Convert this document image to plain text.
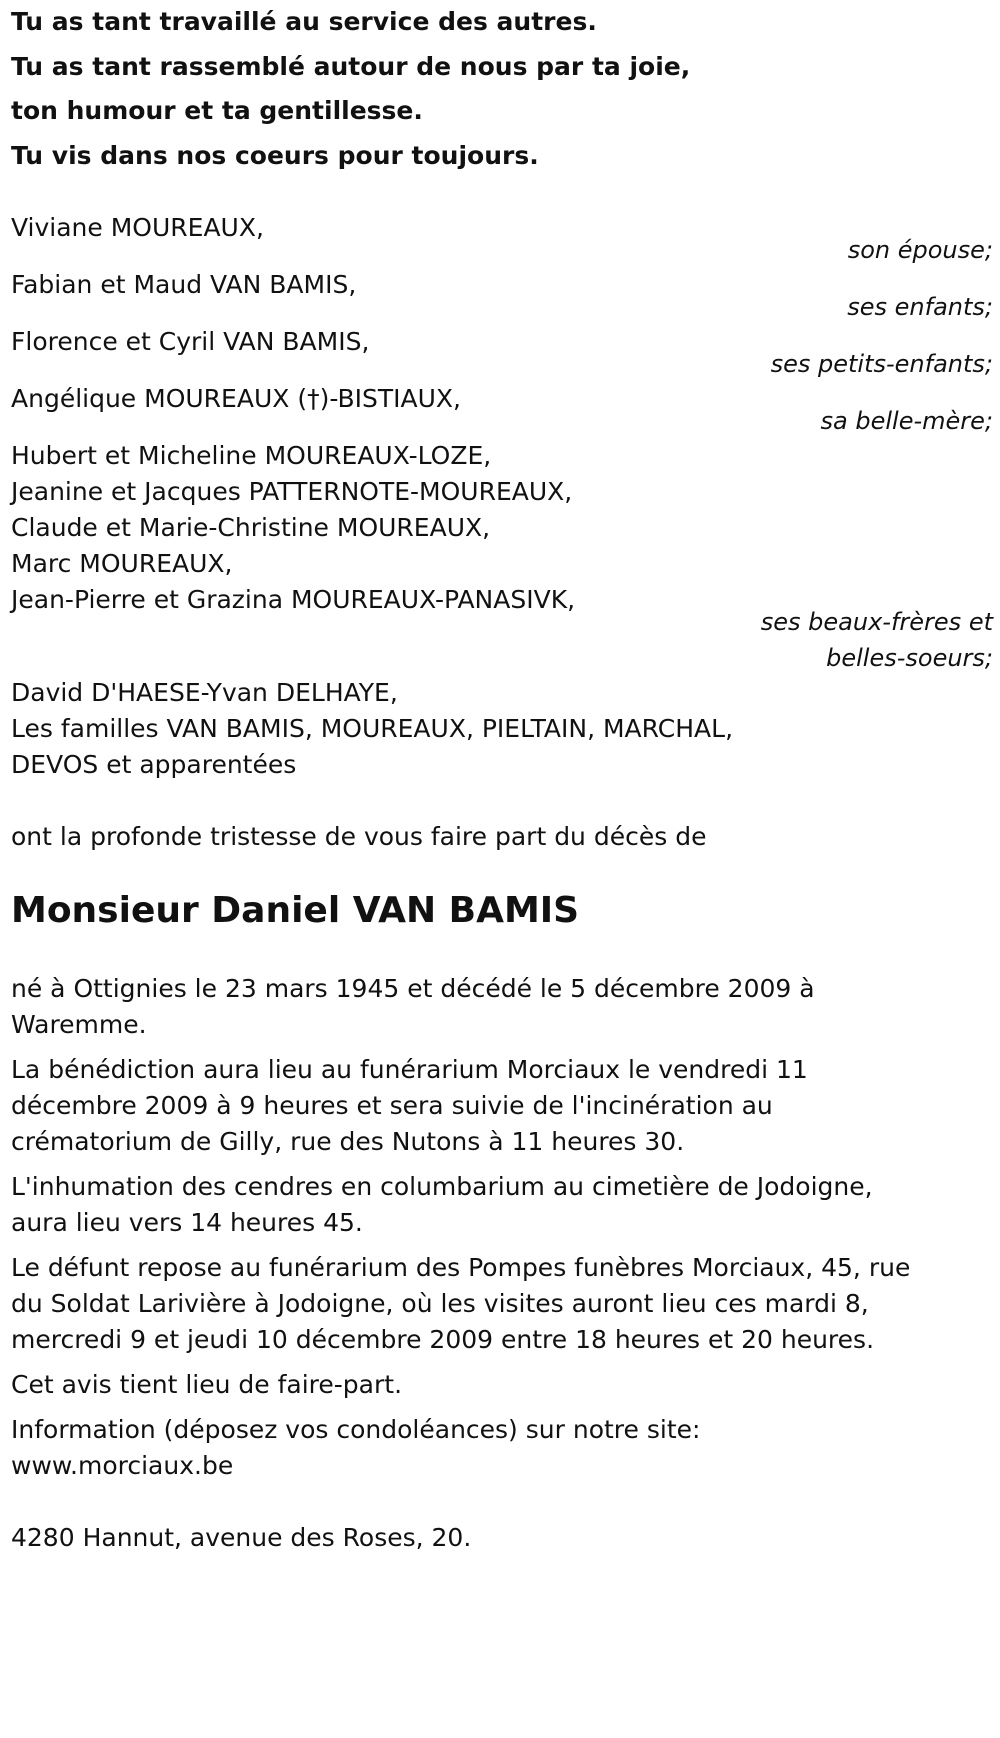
Tu as tant travaillé au service des autres.
Tu as tant rassemblé autour de nous par ta joie,
ton humour et ta gentillesse.
Tu vis dans nos coeurs pour toujours.
Viviane MOUREAUX,
son épouse;
Fabian et Maud VAN BAMIS,
ses enfants;
Florence et Cyril VAN BAMIS,
ses petits-enfants;
Angélique MOUREAUX (†)-BISTIAUX,
sa belle-mère;
Hubert et Micheline MOUREAUX-LOZE,
Jeanine et Jacques PATTERNOTE-MOUREAUX,
Claude et Marie-Christine MOUREAUX,
Marc MOUREAUX,
Jean-Pierre et Grazina MOUREAUX-PANASIVK,
ses beaux-frères et
belles-soeurs;
David D'HAESE-Yvan DELHAYE,
Les familles VAN BAMIS, MOUREAUX, PIELTAIN, MARCHAL,
DEVOS et apparentées
ont la profonde tristesse de vous faire part du décès de
Monsieur Daniel VAN BAMIS
né à Ottignies le 23 mars 1945 et décédé le 5 décembre 2009 à
Waremme.
La bénédiction aura lieu au funérarium Morciaux le vendredi 11
décembre 2009 à 9 heures et sera suivie de l'incinération au
crématorium de Gilly, rue des Nutons à 11 heures 30.
L'inhumation des cendres en columbarium au cimetière de Jodoigne,
aura lieu vers 14 heures 45.
Le défunt repose au funérarium des Pompes funèbres Morciaux, 45, rue
du Soldat Larivière à Jodoigne, où les visites auront lieu ces mardi 8,
mercredi 9 et jeudi 10 décembre 2009 entre 18 heures et 20 heures.
Cet avis tient lieu de faire-part.
Information (déposez vos condoléances) sur notre site:
www.morciaux.be
4280 Hannut, avenue des Roses, 20.
